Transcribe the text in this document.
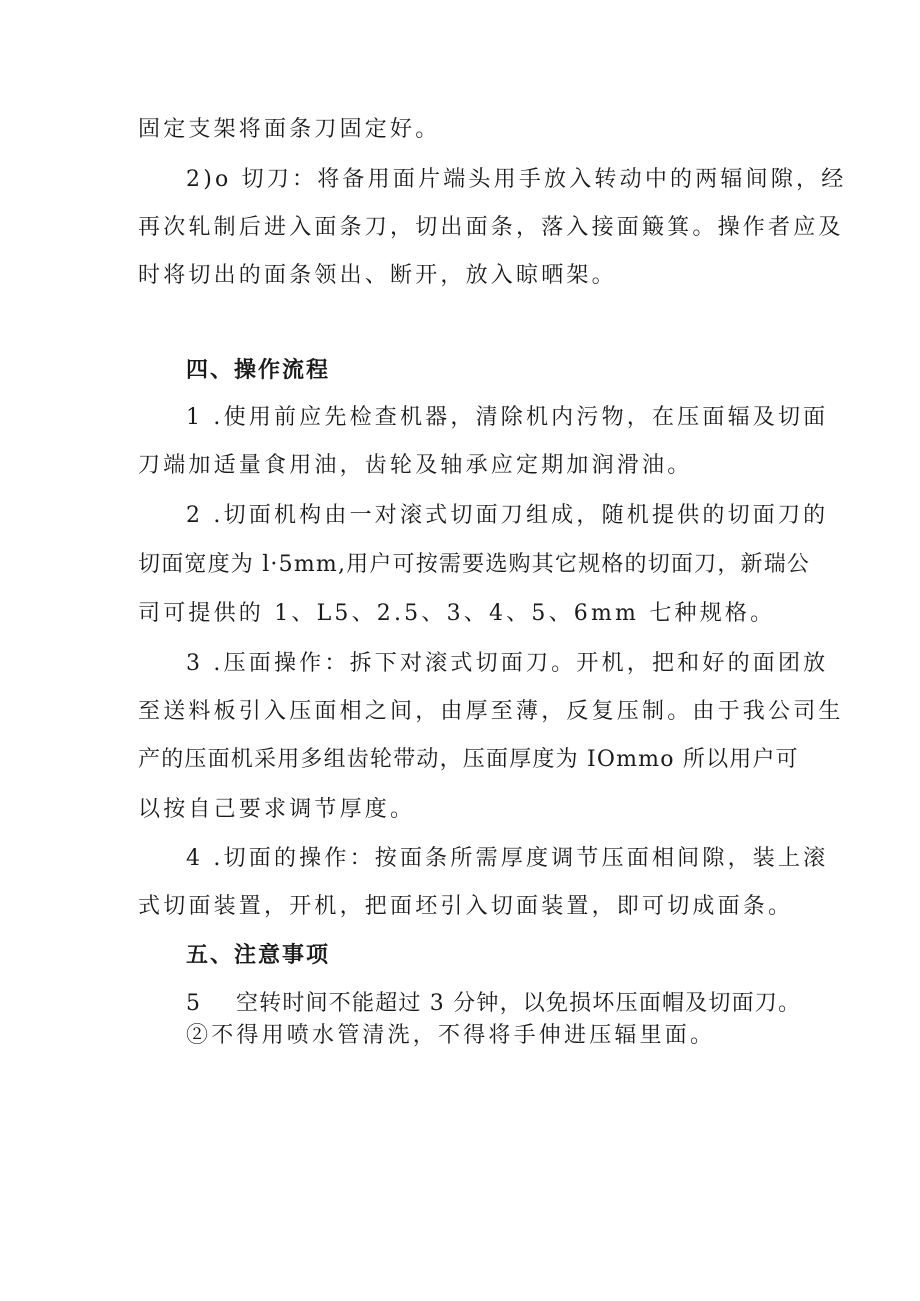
固定支架将面条刀固定好。
2)o 切刀：将备用面片端头用手放入转动中的两辐间隙，经
再次轧制后进入面条刀，切出面条，落入接面簸箕。操作者应及
时将切出的面条领出、断开，放入晾晒架。
四、操作流程
1 .使用前应先检查机器，清除机内污物，在压面辐及切面
刀端加适量食用油，齿轮及轴承应定期加润滑油。
2 .切面机构由一对滚式切面刀组成，随机提供的切面刀的
切面宽度为 l·5mm,用户可按需要选购其它规格的切面刀，新瑞公
司可提供的 1、L5、2.5、3、4、5、6mm 七种规格。
3 .压面操作：拆下对滚式切面刀。开机，把和好的面团放
至送料板引入压面相之间，由厚至薄，反复压制。由于我公司生
产的压面机采用多组齿轮带动，压面厚度为 IOmmo 所以用户可
以按自己要求调节厚度。
4 .切面的操作：按面条所需厚度调节压面相间隙，装上滚
式切面装置，开机，把面坯引入切面装置，即可切成面条。
五、注意事项
5 空转时间不能超过 3 分钟，以免损坏压面帽及切面刀。
②不得用喷水管清洗，不得将手伸进压辐里面。
